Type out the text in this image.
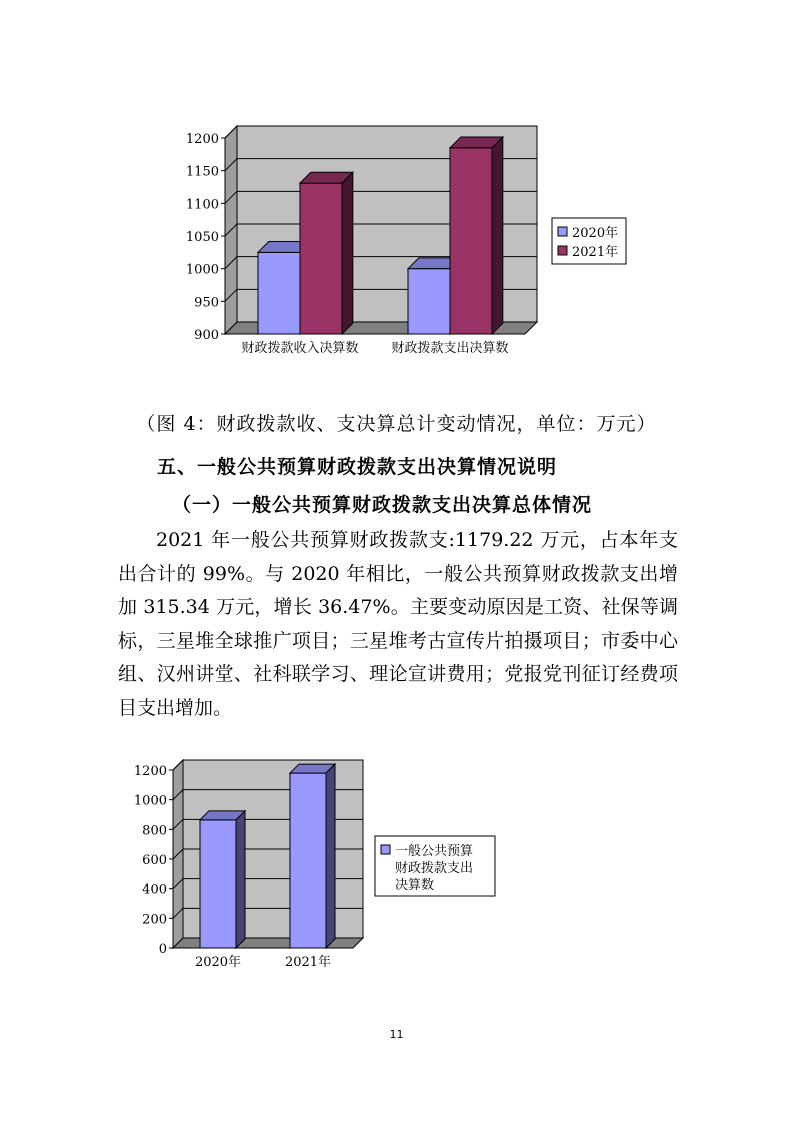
1200
1150
1100
1050
1000
950
900
财政拨款收入决算数	财政拨款支出决算数
2020年
2021年
（图 4：财政拨款收、支决算总计变动情况，单位：万元）
五、一般公共预算财政拨款支出决算情况说明
（一）一般公共预算财政拨款支出决算总体情况

2021 年一般公共预算财政拨款支:1179.22 万元，占本年支出合计的 99%。与 2020 年相比，一般公共预算财政拨款支出增加 315.34 万元，增长 36.47%。主要变动原因是工资、社保等调标，三星堆全球推广项目；三星堆考古宣传片拍摄项目；市委中心组、汉州讲堂、社科联学习、理论宣讲费用；党报党刊征订经费项目支出增加。

1200
1000
800
600
400
200
0
2020年	2021年
一般公共预算
财政拨款支出
决算数
11
